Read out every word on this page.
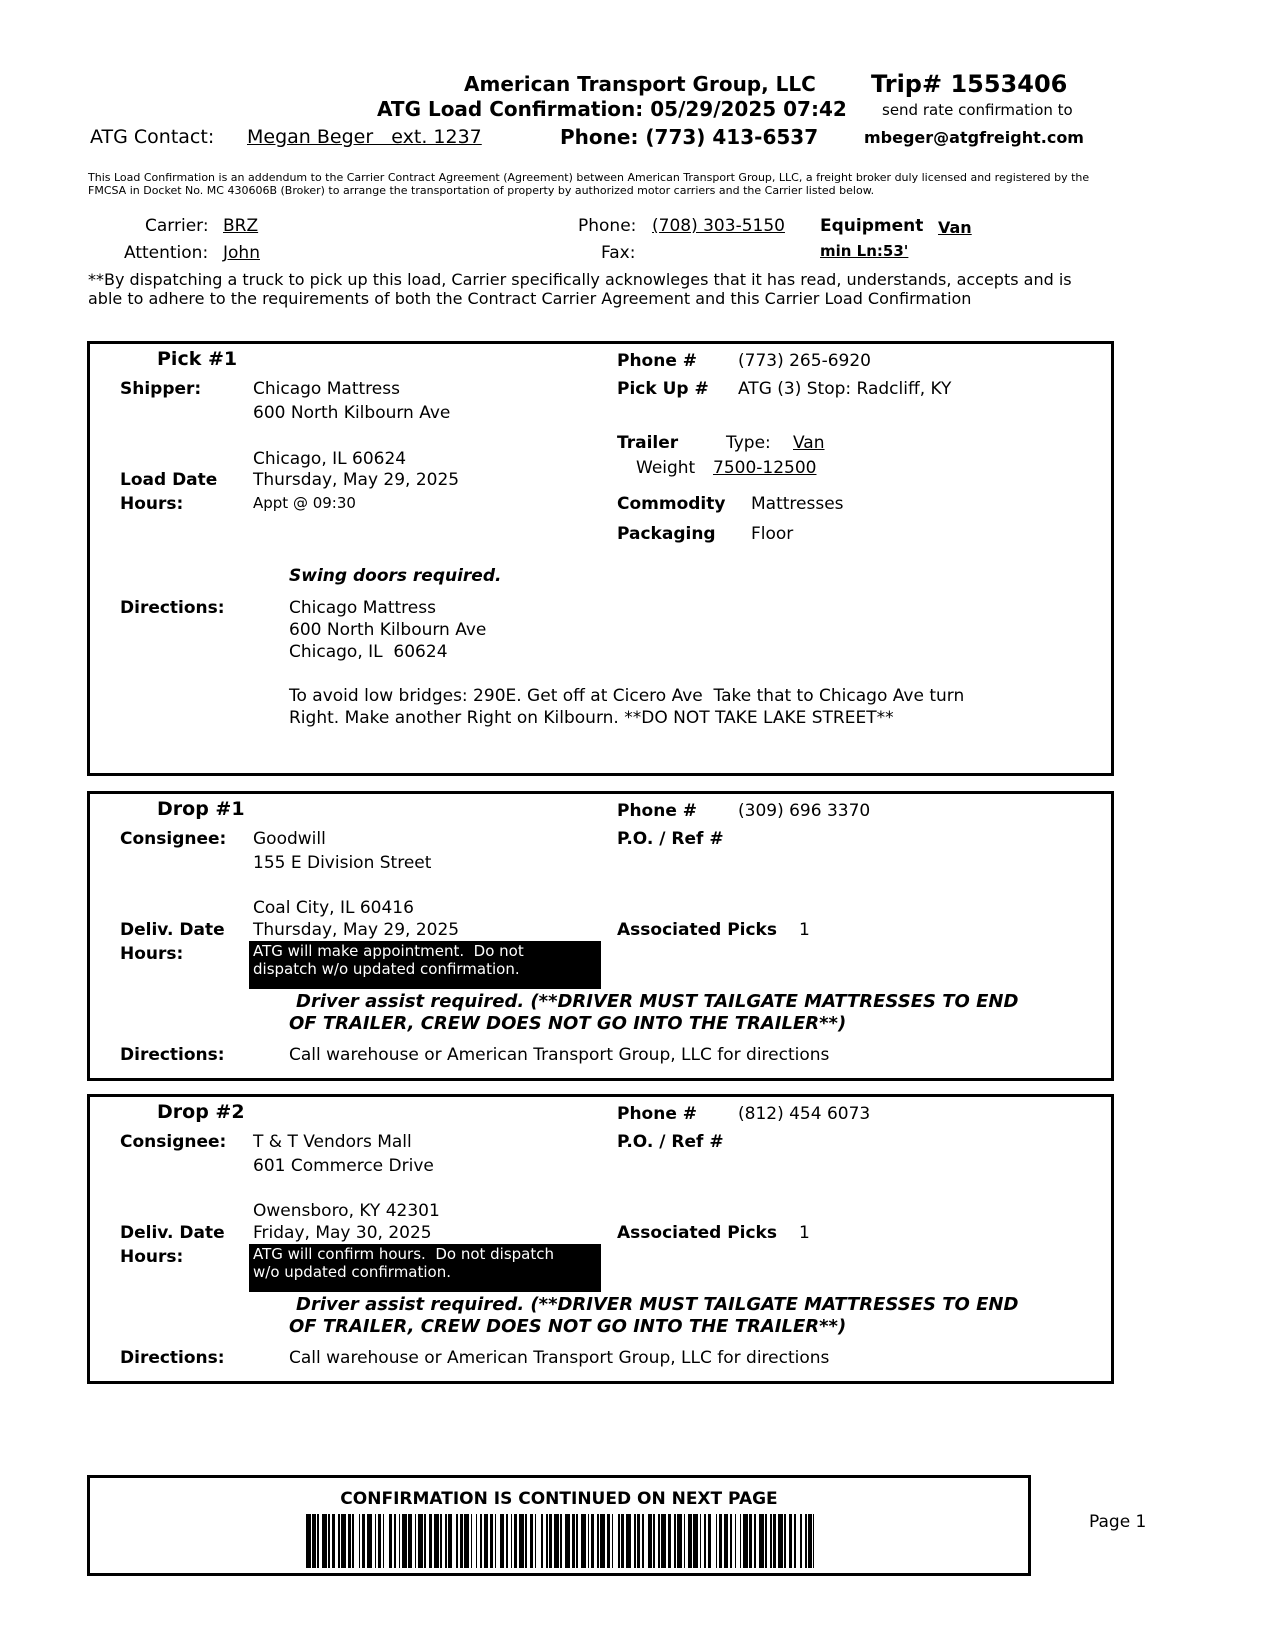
American Transport Group, LLC Trip# 1553406
ATG Load Confirmation: 05/29/2025 07:42 send rate confirmation to
ATG Contact: Megan Beger   ext. 1237	Phone: (773) 413-6537	mbeger@atgfreight.com
This Load Confirmation is an addendum to the Carrier Contract Agreement (Agreement) between American Transport Group, LLC, a freight broker duly licensed and registered by the FMCSA in Docket No. MC 430606B (Broker) to arrange the transportation of property by authorized motor carriers and the Carrier listed below.
Carrier: BRZ
Attention: John
Phone: (708) 303-5150
Fax:
Equipment Van
min Ln:53'
**By dispatching a truck to pick up this load, Carrier specifically acknowleges that it has read, understands, accepts and is able to adhere to the requirements of both the Contract Carrier Agreement and this Carrier Load Confirmation
Pick #1
Shipper:	Chicago Mattress
600 North Kilbourn Ave
Chicago, IL 60624
Load Date Thursday, May 29, 2025
Hours:	Appt @ 09:30
Phone # (773) 265-6920
Pick Up # ATG (3) Stop: Radcliff, KY
Trailer	Type: Van
Weight 7500-12500
Commodity Mattresses
Packaging Floor
Swing doors required.
Directions:	Chicago Mattress
600 North Kilbourn Ave
Chicago, IL  60624
To avoid low bridges: 290E. Get off at Cicero Ave  Take that to Chicago Ave turn
Right. Make another Right on Kilbourn. **DO NOT TAKE LAKE STREET**
Drop #1
Consignee: Goodwill
155 E Division Street
Coal City, IL 60416
Deliv. Date Thursday, May 29, 2025
Hours:	ATG will make appointment.  Do not
dispatch w/o updated confirmation.
Phone # (309) 696 3370
P.O. / Ref #
Associated Picks 1
Driver assist required. (**DRIVER MUST TAILGATE MATTRESSES TO END
OF TRAILER, CREW DOES NOT GO INTO THE TRAILER**)
Directions:	Call warehouse or American Transport Group, LLC for directions
Drop #2
Consignee: T & T Vendors Mall
601 Commerce Drive
Owensboro, KY 42301
Deliv. Date Friday, May 30, 2025
Hours:	ATG will confirm hours.  Do not dispatch
w/o updated confirmation.
Phone # (812) 454 6073
P.O. / Ref #
Associated Picks 1
Driver assist required. (**DRIVER MUST TAILGATE MATTRESSES TO END
OF TRAILER, CREW DOES NOT GO INTO THE TRAILER**)
Directions:	Call warehouse or American Transport Group, LLC for directions
CONFIRMATION IS CONTINUED ON NEXT PAGE
Page 1
